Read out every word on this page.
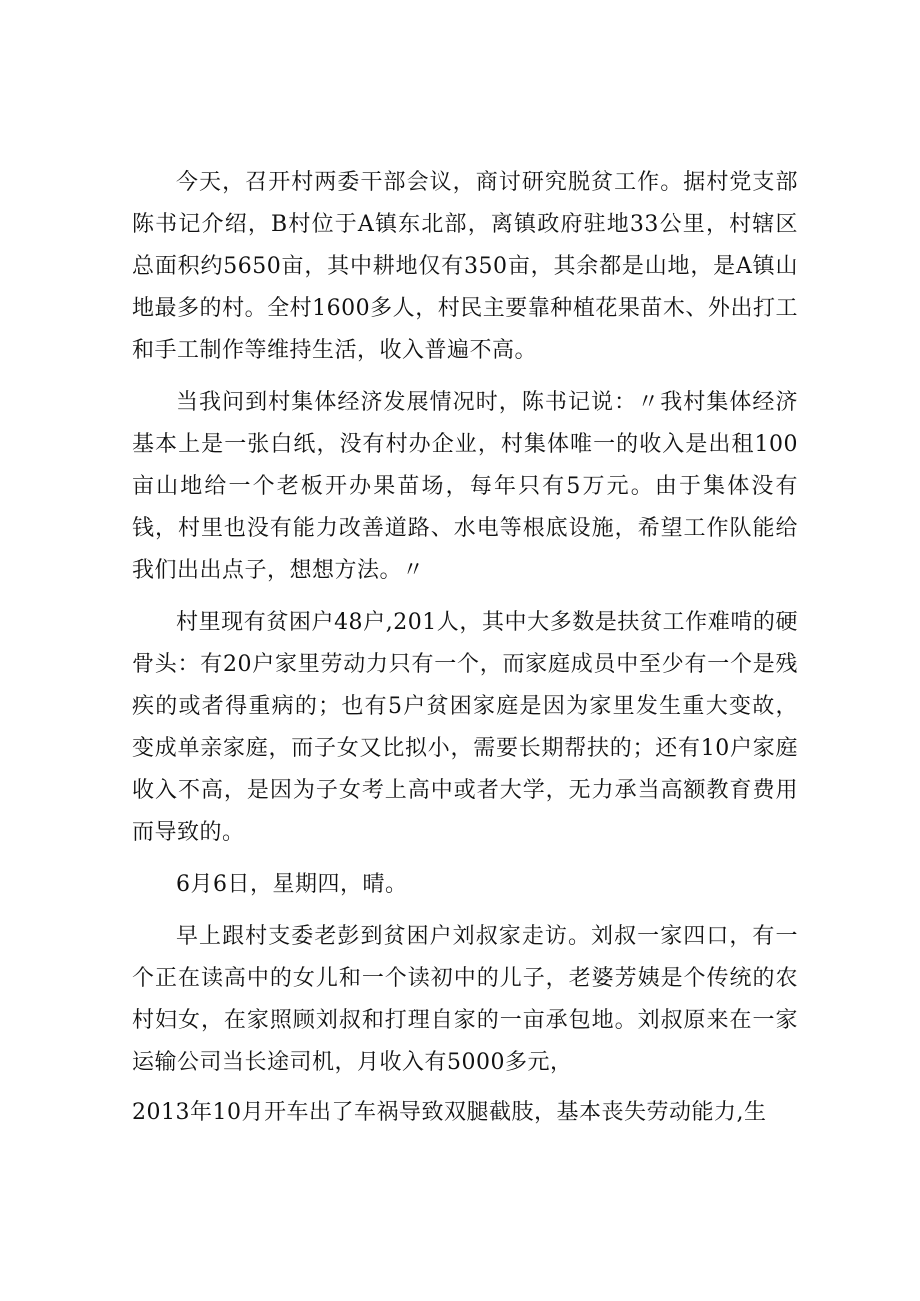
今天，召开村两委干部会议，商讨研究脱贫工作。据村党支部陈书记介绍，B村位于A镇东北部，离镇政府驻地33公里，村辖区总面积约5650亩，其中耕地仅有350亩，其余都是山地，是A镇山地最多的村。全村1600多人，村民主要靠种植花果苗木、外出打工和手工制作等维持生活，收入普遍不高。

当我问到村集体经济发展情况时，陈书记说：〃我村集体经济基本上是一张白纸，没有村办企业，村集体唯一的收入是出租100亩山地给一个老板开办果苗场，每年只有5万元。由于集体没有钱，村里也没有能力改善道路、水电等根底设施，希望工作队能给我们出出点子，想想方法。〃

村里现有贫困户48户,201人，其中大多数是扶贫工作难啃的硬骨头：有20户家里劳动力只有一个，而家庭成员中至少有一个是残疾的或者得重病的；也有5户贫困家庭是因为家里发生重大变故，变成单亲家庭，而子女又比拟小，需要长期帮扶的；还有10户家庭收入不高，是因为子女考上高中或者大学，无力承当高额教育费用而导致的。

6月6日，星期四，晴。

早上跟村支委老彭到贫困户刘叔家走访。刘叔一家四口，有一个正在读高中的女儿和一个读初中的儿子，老婆芳姨是个传统的农村妇女，在家照顾刘叔和打理自家的一亩承包地。刘叔原来在一家运输公司当长途司机，月收入有5000多元，

2013年10月开车出了车祸导致双腿截肢，基本丧失劳动能力,生
